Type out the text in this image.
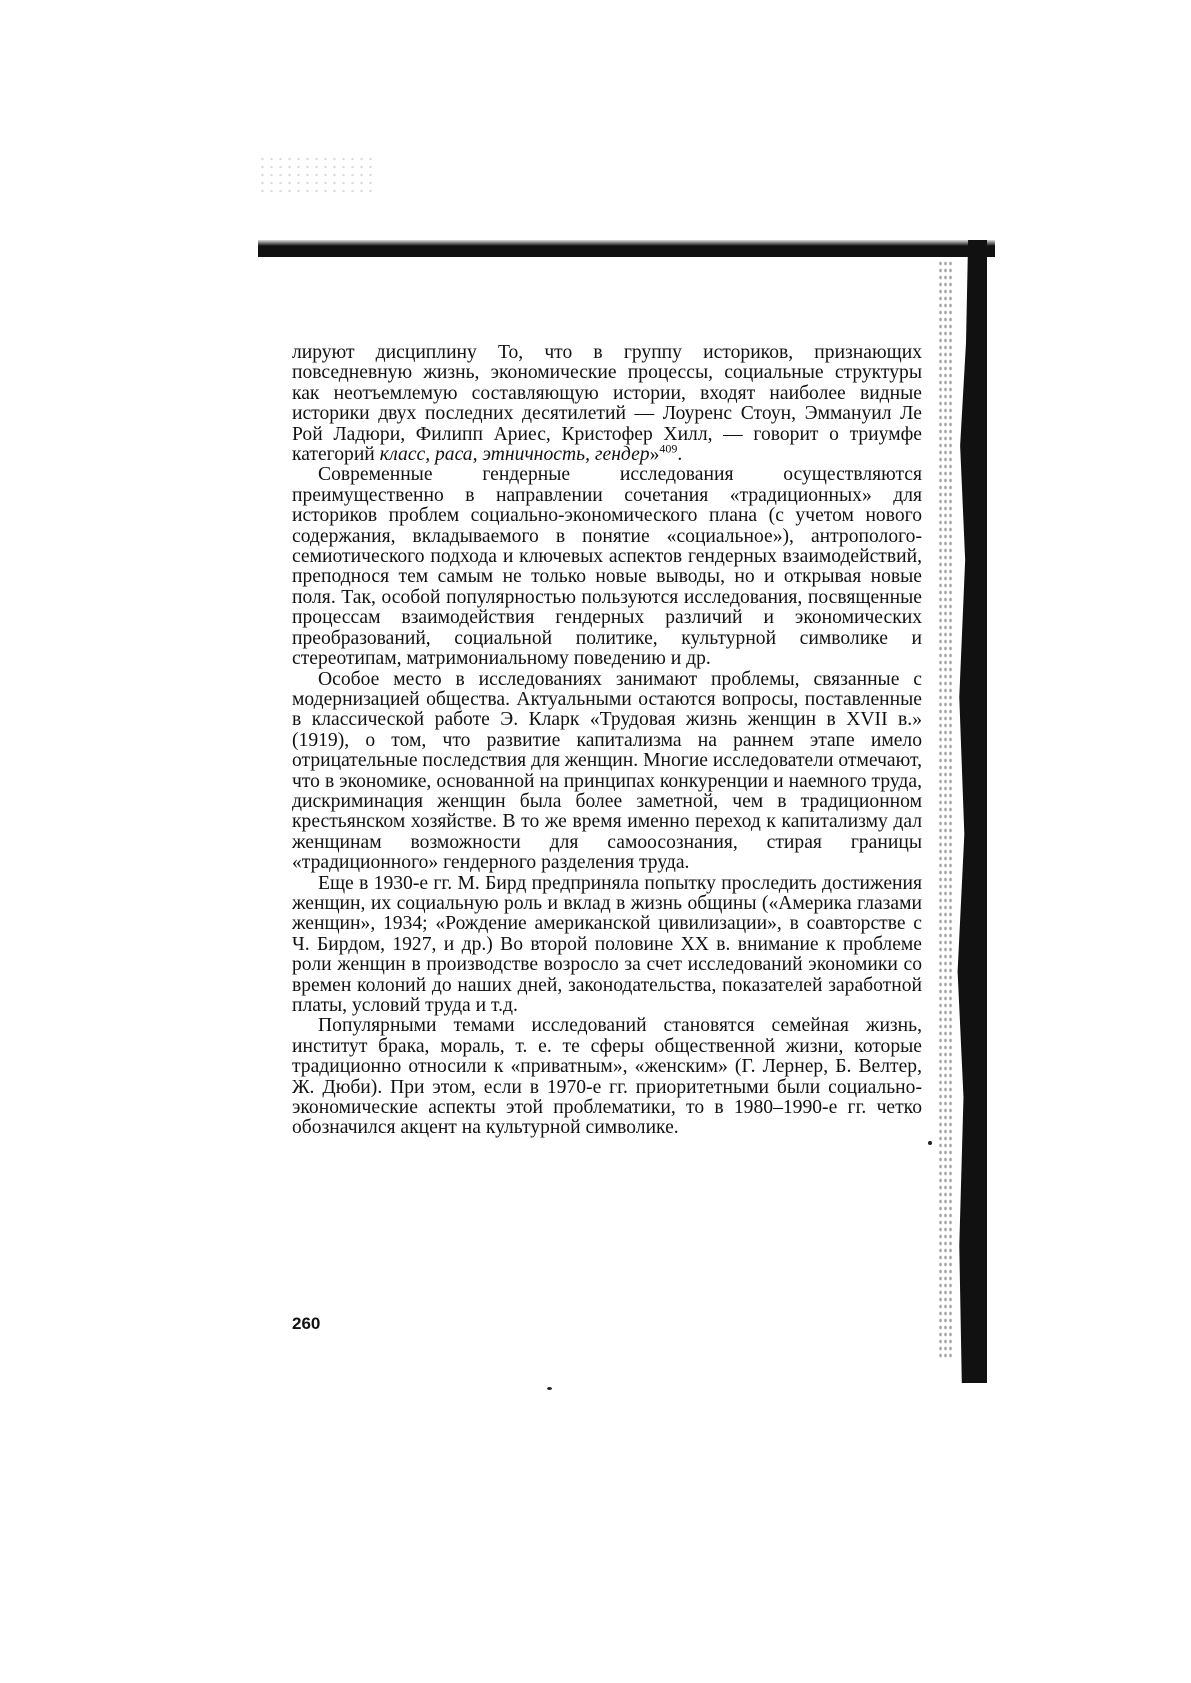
лируют дисциплину То, что в группу историков, признающих повседневную жизнь, экономические процессы, социальные структуры как неотъемлемую составляющую истории, входят наиболее видные историки двух последних десятилетий — Лоуренс Стоун, Эммануил Ле Рой Ладюри, Филипп Ариес, Кристофер Хилл, — говорит о триумфе категорий класс, раса, этничность, гендер»$^{409}$.

Современные гендерные исследования осуществляются преимущественно в направлении сочетания «традиционных» для историков проблем социально-экономического плана (с учетом нового содержания, вкладываемого в понятие «социальное»), антрополого-семиотического подхода и ключевых аспектов гендерных взаимодействий, преподнося тем самым не только новые выводы, но и открывая новые поля. Так, особой популярностью пользуются исследования, посвященные процессам взаимодействия гендерных различий и экономических преобразований, социальной политике, культурной символике и стереотипам, матримониальному поведению и др.

Особое место в исследованиях занимают проблемы, связанные с модернизацией общества. Актуальными остаются вопросы, поставленные в классической работе Э. Кларк «Трудовая жизнь женщин в XVII в.» (1919), о том, что развитие капитализма на раннем этапе имело отрицательные последствия для женщин. Многие исследователи отмечают, что в экономике, основанной на принципах конкуренции и наемного труда, дискриминация женщин была более заметной, чем в традиционном крестьянском хозяйстве. В то же время именно переход к капитализму дал женщинам возможности для самоосознания, стирая границы «традиционного» гендерного разделения труда.

Еще в 1930-е гг. М. Бирд предприняла попытку проследить достижения женщин, их социальную роль и вклад в жизнь общины («Америка глазами женщин», 1934; «Рождение американской цивилизации», в соавторстве с Ч. Бирдом, 1927, и др.) Во второй половине XX в. внимание к проблеме роли женщин в производстве возросло за счет исследований экономики со времен колоний до наших дней, законодательства, показателей заработной платы, условий труда и т.д.

Популярными темами исследований становятся семейная жизнь, институт брака, мораль, т. е. те сферы общественной жизни, которые традиционно относили к «приватным», «женским» (Г. Лернер, Б. Велтер, Ж. Дюби). При этом, если в 1970-е гг. приоритетными были социально-экономические аспекты этой проблематики, то в 1980–1990-е гг. четко обозначился акцент на культурной символике.

260
